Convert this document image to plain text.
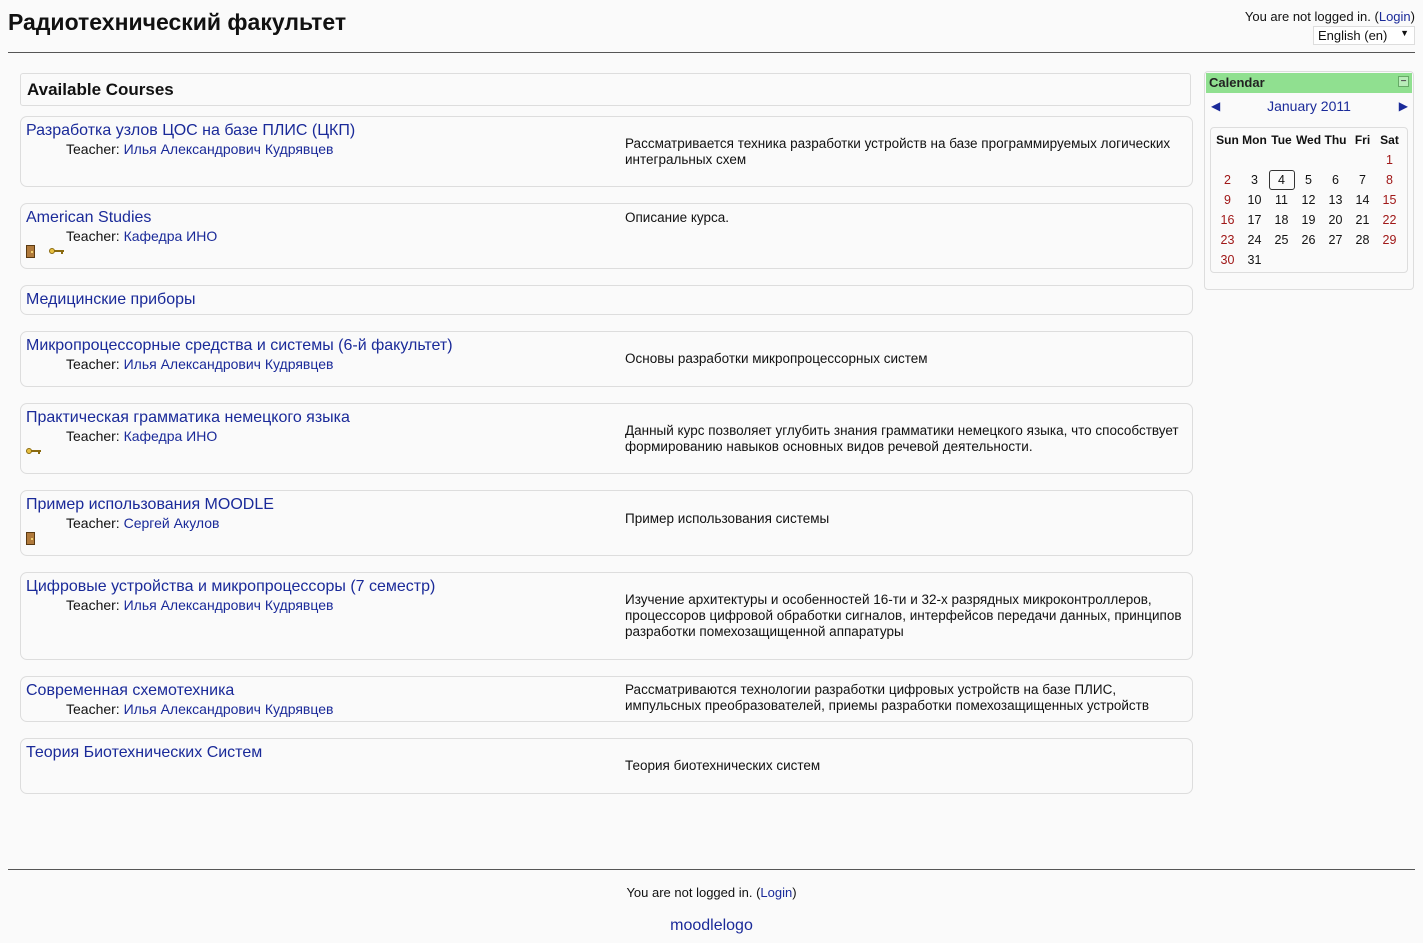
Радиотехнический факультет	You are not logged in. (Login)
English (en) ▼
Available Courses
Разработка узлов ЦОС на базе ПЛИС (ЦКП)
Teacher: Илья Александрович Кудрявцев	Рассматривается техника разработки устройств на базе программируемых логических интегральных схем
American Studies
Teacher: Кафедра ИНО
Описание курса.
Медицинские приборы
Микропроцессорные средства и системы (6-й факультет)
Teacher: Илья Александрович Кудрявцев	Основы разработки микропроцессорных систем
Практическая грамматика немецкого языка
Teacher: Кафедра ИНО	Данный курс позволяет углубить знания грамматики немецкого языка, что способствует формированию навыков основных видов речевой деятельности.
Пример использования MOODLE
Teacher: Сергей Акулов	Пример использования системы
Цифровые устройства и микропроцессоры (7 семестр)
Teacher: Илья Александрович Кудрявцев	Изучение архитектуры и особенностей 16-ти и 32-х разрядных микроконтроллеров, процессоров цифровой обработки сигналов, интерфейсов передачи данных, принципов разработки помехозащищенной аппаратуры
Современная схемотехника
Teacher: Илья Александрович Кудрявцев
Рассматриваются технологии разработки цифровых устройств на базе ПЛИС, импульсных преобразователей, приемы разработки помехозащищенных устройств
Теория Биотехнических Систем
Теория биотехнических систем
Calendar	−
◀	January 2011	▶
Sun	Mon	Tue	Wed	Thu	Fri	Sat
						1
2	3	4	5	6	7	8
9	10	11	12	13	14	15
16	17	18	19	20	21	22
23	24	25	26	27	28	29
30	31					
You are not logged in. (Login)
moodlelogo
